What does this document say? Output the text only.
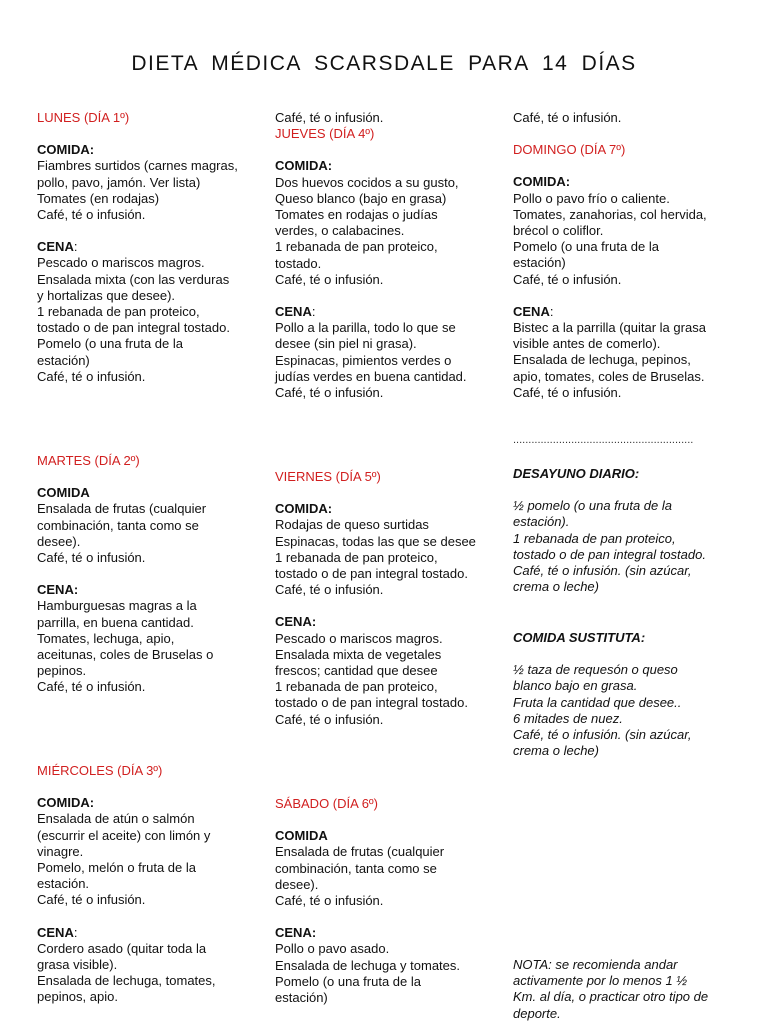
DIETA MÉDICA SCARSDALE PARA 14 DÍAS
LUNES (DÍA 1º)
COMIDA:
Fiambres surtidos (carnes magras,
pollo, pavo, jamón. Ver lista)
Tomates (en rodajas)
Café, té o infusión.
CENA:
Pescado o mariscos magros.
Ensalada mixta (con las verduras
y hortalizas que desee).
1 rebanada de pan proteico,
tostado o de pan integral tostado.
Pomelo (o una fruta de la
estación)
Café, té o infusión.
MARTES (DÍA 2º)
COMIDA
Ensalada de frutas (cualquier
combinación, tanta como se
desee).
Café, té o infusión.
CENA:
Hamburguesas magras a la
parrilla, en buena cantidad.
Tomates, lechuga, apio,
aceitunas, coles de Bruselas o
pepinos.
Café, té o infusión.
MIÉRCOLES (DÍA 3º)
COMIDA:
Ensalada de atún o salmón
(escurrir el aceite) con limón y
vinagre.
Pomelo, melón o fruta de la
estación.
Café, té o infusión.
CENA:
Cordero asado (quitar toda la
grasa visible).
Ensalada de lechuga, tomates,
pepinos, apio.
Café, té o infusión.
JUEVES (DÍA 4º)
COMIDA:
Dos huevos cocidos a su gusto,
Queso blanco (bajo en grasa)
Tomates en rodajas o judías
verdes, o calabacines.
1 rebanada de pan proteico,
tostado.
Café, té o infusión.
CENA:
Pollo a la parilla, todo lo que se
desee (sin piel ni grasa).
Espinacas, pimientos verdes o
judías verdes en buena cantidad.
Café, té o infusión.
VIERNES (DÍA 5º)
COMIDA:
Rodajas de queso surtidas
Espinacas, todas las que se desee
1 rebanada de pan proteico,
tostado o de pan integral tostado.
Café, té o infusión.
CENA:
Pescado o mariscos magros.
Ensalada mixta de vegetales
frescos; cantidad que desee
1 rebanada de pan proteico,
tostado o de pan integral tostado.
Café, té o infusión.
SÁBADO (DÍA 6º)
COMIDA
Ensalada de frutas (cualquier
combinación, tanta como se
desee).
Café, té o infusión.
CENA:
Pollo o pavo asado.
Ensalada de lechuga y tomates.
Pomelo (o una fruta de la
estación)
Café, té o infusión.
DOMINGO (DÍA 7º)
COMIDA:
Pollo o pavo frío o caliente.
Tomates, zanahorias, col hervida,
brécol o coliflor.
Pomelo (o una fruta de la
estación)
Café, té o infusión.
CENA:
Bistec a la parrilla (quitar la grasa
visible antes de comerlo).
Ensalada de lechuga, pepinos,
apio, tomates, coles de Bruselas.
Café, té o infusión.
...........................................................
DESAYUNO DIARIO:
½ pomelo (o una fruta de la
estación).
1 rebanada de pan proteico,
tostado o de pan integral tostado.
Café, té o infusión. (sin azúcar,
crema o leche)
COMIDA SUSTITUTA:
½ taza de requesón o queso
blanco bajo en grasa.
Fruta la cantidad que desee..
6 mitades de nuez.
Café, té o infusión. (sin azúcar,
crema o leche)
NOTA: se recomienda andar
activamente por lo menos 1 ½
Km. al día, o practicar otro tipo de
deporte.
